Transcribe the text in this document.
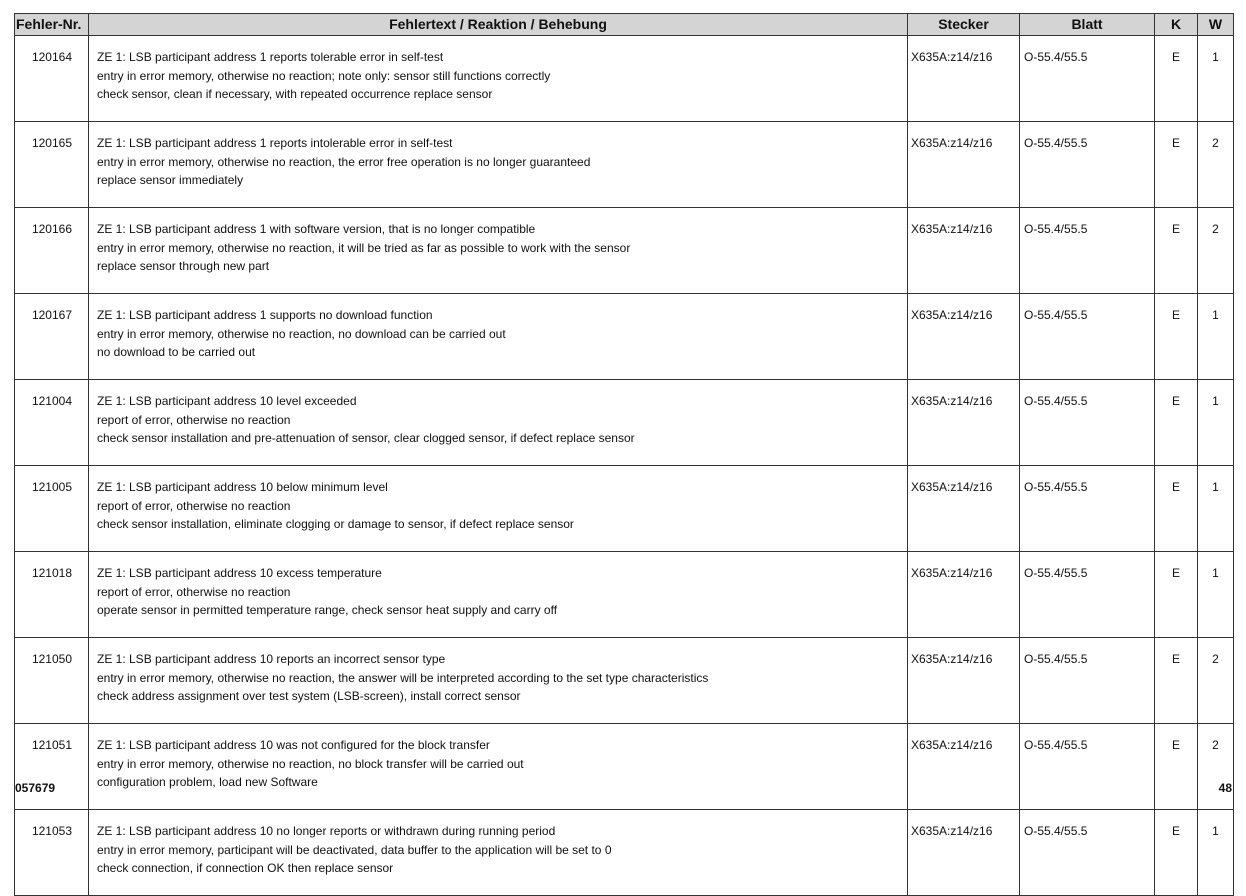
Fehler-Nr.	Fehlertext / Reaktion / Behebung	Stecker	Blatt	K	W
120164	ZE 1: LSB participant address 1 reports tolerable error in self-test
entry in error memory, otherwise no reaction; note only: sensor still functions correctly
check sensor, clean if necessary, with repeated occurrence replace sensor	X635A:z14/z16	O-55.4/55.5	E	1
120165	ZE 1: LSB participant address 1 reports intolerable error in self-test
entry in error memory, otherwise no reaction, the error free operation is no longer guaranteed
replace sensor immediately	X635A:z14/z16	O-55.4/55.5	E	2
120166	ZE 1: LSB participant address 1 with software version, that is no longer compatible
entry in error memory, otherwise no reaction, it will be tried as far as possible to work with the sensor
replace sensor through new part	X635A:z14/z16	O-55.4/55.5	E	2
120167	ZE 1: LSB participant address 1 supports no download function
entry in error memory, otherwise no reaction, no download can be carried out
no download to be carried out	X635A:z14/z16	O-55.4/55.5	E	1
121004	ZE 1: LSB participant address 10 level exceeded
report of error, otherwise no reaction
check sensor installation and pre-attenuation of sensor, clear clogged sensor, if defect replace sensor	X635A:z14/z16	O-55.4/55.5	E	1
121005	ZE 1: LSB participant address 10 below minimum level
report of error, otherwise no reaction
check sensor installation, eliminate clogging or damage to sensor, if defect replace sensor	X635A:z14/z16	O-55.4/55.5	E	1
121018	ZE 1: LSB participant address 10 excess temperature
report of error, otherwise no reaction
operate sensor in permitted temperature range, check sensor heat supply and carry off	X635A:z14/z16	O-55.4/55.5	E	1
121050	ZE 1: LSB participant address 10 reports an incorrect sensor type
entry in error memory, otherwise no reaction, the answer will be interpreted according to the set type characteristics
check address assignment over test system (LSB-screen), install correct sensor	X635A:z14/z16	O-55.4/55.5	E	2
121051	ZE 1: LSB participant address 10 was not configured for the block transfer
entry in error memory, otherwise no reaction, no block transfer will be carried out
configuration problem, load new Software	X635A:z14/z16	O-55.4/55.5	E	2
121053	ZE 1: LSB participant address 10 no longer reports or withdrawn during running period
entry in error memory, participant will be deactivated, data buffer to the application will be set to 0
check connection, if connection OK then replace sensor	X635A:z14/z16	O-55.4/55.5	E	1
057679	48
